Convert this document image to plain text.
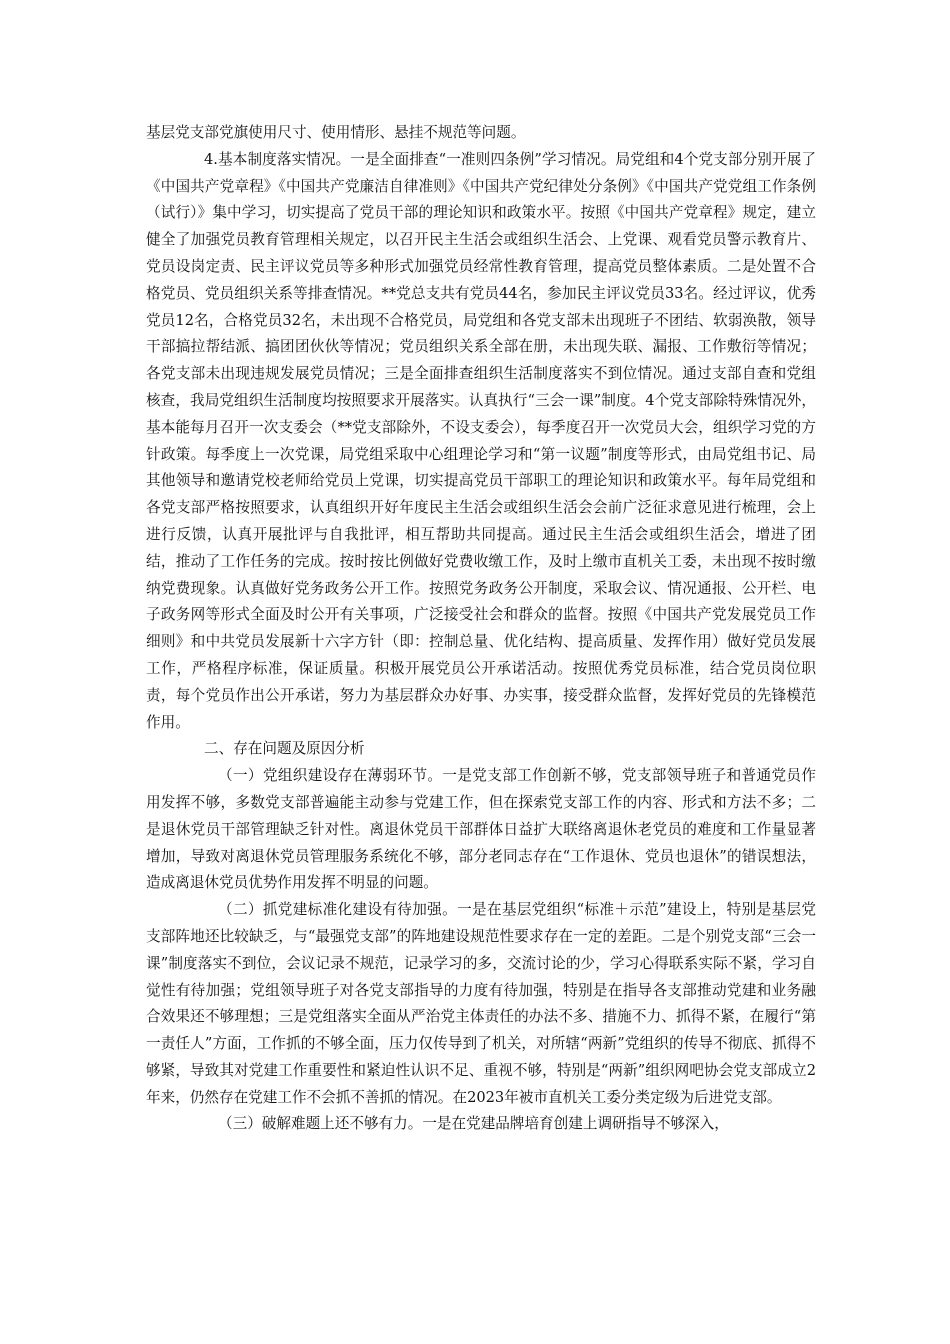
基层党支部党旗使用尺寸、使用情形、悬挂不规范等问题。

4.基本制度落实情况。一是全面排查“一准则四条例”学习情况。局党组和4个党支部分别开展了《中国共产党章程》《中国共产党廉洁自律准则》《中国共产党纪律处分条例》《中国共产党党组工作条例（试行）》集中学习，切实提高了党员干部的理论知识和政策水平。按照《中国共产党章程》规定，建立健全了加强党员教育管理相关规定，以召开民主生活会或组织生活会、上党课、观看党员警示教育片、党员设岗定责、民主评议党员等多种形式加强党员经常性教育管理，提高党员整体素质。二是处置不合格党员、党员组织关系等排查情况。**党总支共有党员44名，参加民主评议党员33名。经过评议，优秀党员12名，合格党员32名，未出现不合格党员，局党组和各党支部未出现班子不团结、软弱涣散，领导干部搞拉帮结派、搞团团伙伙等情况；党员组织关系全部在册，未出现失联、漏报、工作敷衍等情况；各党支部未出现违规发展党员情况；三是全面排查组织生活制度落实不到位情况。通过支部自查和党组核查，我局党组织生活制度均按照要求开展落实。认真执行“三会一课”制度。4个党支部除特殊情况外，基本能每月召开一次支委会（**党支部除外，不设支委会），每季度召开一次党员大会，组织学习党的方针政策。每季度上一次党课，局党组采取中心组理论学习和“第一议题”制度等形式，由局党组书记、局其他领导和邀请党校老师给党员上党课，切实提高党员干部职工的理论知识和政策水平。每年局党组和各党支部严格按照要求，认真组织开好年度民主生活会或组织生活会会前广泛征求意见进行梳理，会上进行反馈，认真开展批评与自我批评，相互帮助共同提高。通过民主生活会或组织生活会，增进了团结，推动了工作任务的完成。按时按比例做好党费收缴工作，及时上缴市直机关工委，未出现不按时缴纳党费现象。认真做好党务政务公开工作。按照党务政务公开制度，采取会议、情况通报、公开栏、电子政务网等形式全面及时公开有关事项，广泛接受社会和群众的监督。按照《中国共产党发展党员工作细则》和中共党员发展新十六字方针（即：控制总量、优化结构、提高质量、发挥作用）做好党员发展工作，严格程序标准，保证质量。积极开展党员公开承诺活动。按照优秀党员标准，结合党员岗位职责，每个党员作出公开承诺，努力为基层群众办好事、办实事，接受群众监督，发挥好党员的先锋模范作用。

二、存在问题及原因分析

（一）党组织建设存在薄弱环节。一是党支部工作创新不够，党支部领导班子和普通党员作用发挥不够，多数党支部普遍能主动参与党建工作，但在探索党支部工作的内容、形式和方法不多；二是退休党员干部管理缺乏针对性。离退休党员干部群体日益扩大联络离退休老党员的难度和工作量显著增加，导致对离退休党员管理服务系统化不够，部分老同志存在“工作退休、党员也退休”的错误想法，造成离退休党员优势作用发挥不明显的问题。

（二）抓党建标准化建设有待加强。一是在基层党组织“标准＋示范”建设上，特别是基层党支部阵地还比较缺乏，与“最强党支部”的阵地建设规范性要求存在一定的差距。二是个别党支部“三会一课”制度落实不到位，会议记录不规范，记录学习的多，交流讨论的少，学习心得联系实际不紧，学习自觉性有待加强；党组领导班子对各党支部指导的力度有待加强，特别是在指导各支部推动党建和业务融合效果还不够理想；三是党组落实全面从严治党主体责任的办法不多、措施不力、抓得不紧，在履行“第一责任人”方面，工作抓的不够全面，压力仅传导到了机关，对所辖“两新”党组织的传导不彻底、抓得不够紧，导致其对党建工作重要性和紧迫性认识不足、重视不够，特别是“两新”组织网吧协会党支部成立2年来，仍然存在党建工作不会抓不善抓的情况。在2023年被市直机关工委分类定级为后进党支部。

（三）破解难题上还不够有力。一是在党建品牌培育创建上调研指导不够深入，
